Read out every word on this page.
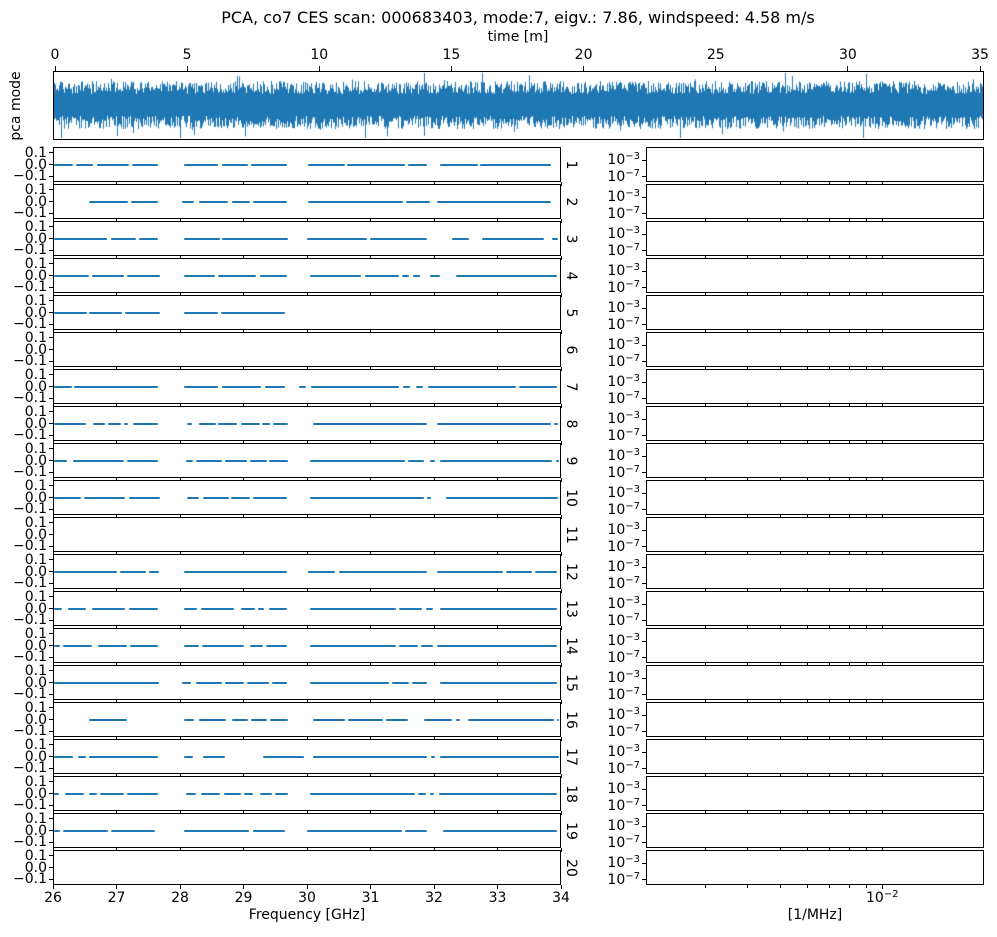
PCA, co7 CES scan: 000683403, mode:7, eigv.: 7.86, windspeed: 4.58 m/s
time [m]
pca mode
0	5	10	15	20	25	30	35
0.1
0.0
−0.1
1	$10^{-3}$
$10^{-7}$
0.1
0.0
−0.1
2	$10^{-3}$
$10^{-7}$
0.1
0.0
−0.1
3	$10^{-3}$
$10^{-7}$
0.1
0.0
−0.1
4	$10^{-3}$
$10^{-7}$
0.1
0.0
−0.1
5	$10^{-3}$
$10^{-7}$
0.1
0.0
−0.1
6	$10^{-3}$
$10^{-7}$
0.1
0.0
−0.1
7	$10^{-3}$
$10^{-7}$
0.1
0.0
−0.1
8	$10^{-3}$
$10^{-7}$
0.1
0.0
−0.1
9	$10^{-3}$
$10^{-7}$
0.1
0.0
−0.1
10	$10^{-3}$
$10^{-7}$
0.1
0.0
−0.1
11	$10^{-3}$
$10^{-7}$
0.1
0.0
−0.1
12	$10^{-3}$
$10^{-7}$
0.1
0.0
−0.1
13	$10^{-3}$
$10^{-7}$
0.1
0.0
−0.1
14	$10^{-3}$
$10^{-7}$
0.1
0.0
−0.1
15	$10^{-3}$
$10^{-7}$
0.1
0.0
−0.1
16	$10^{-3}$
$10^{-7}$
0.1
0.0
−0.1
17	$10^{-3}$
$10^{-7}$
0.1
0.0
−0.1
18	$10^{-3}$
$10^{-7}$
0.1
0.0
−0.1
19	$10^{-3}$
$10^{-7}$
0.1
0.0
−0.1
20	$10^{-3}$
$10^{-7}$
26	27	28	29	30	31	32	33	34	$10^{-2}$
Frequency [GHz]	[1/MHz]
